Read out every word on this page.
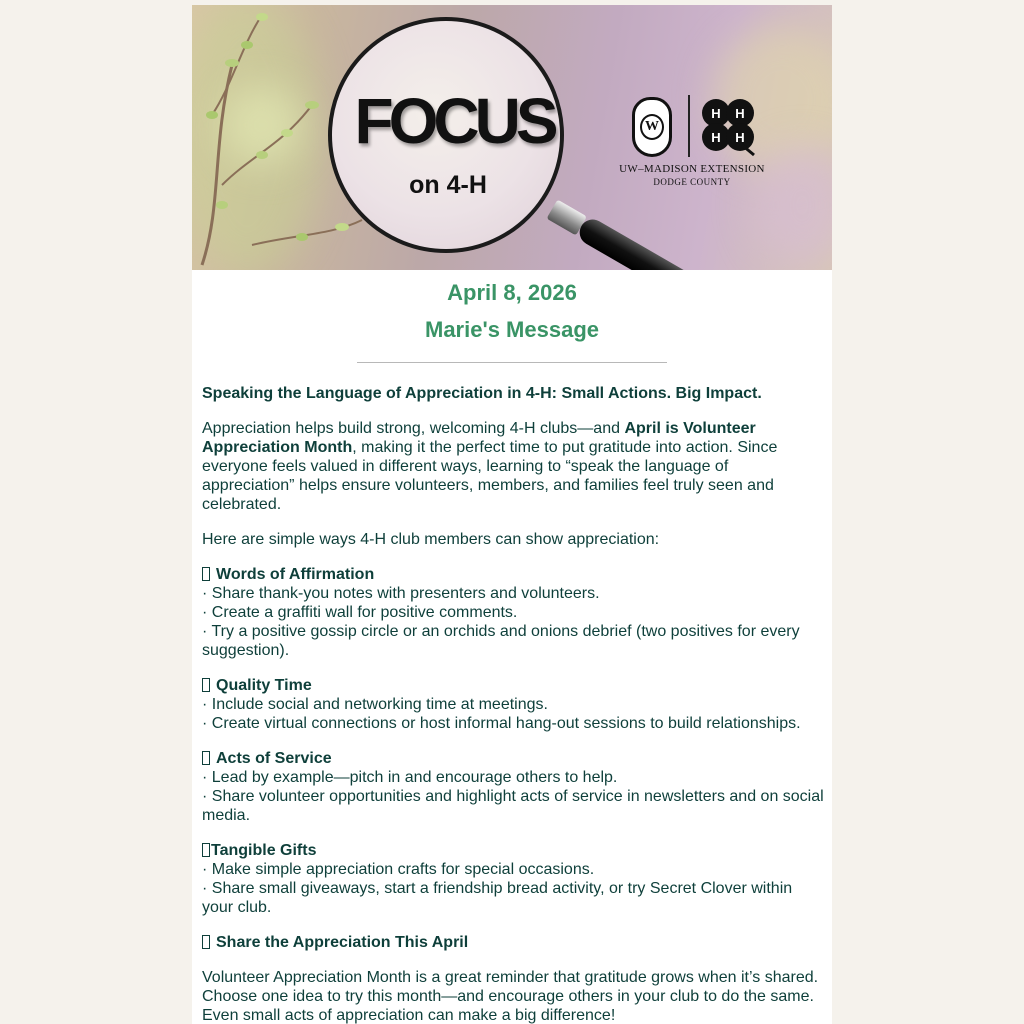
FOCUS
on 4-H
W
H H
H H
UW–MADISON EXTENSION
DODGE COUNTY
April 8, 2026
Marie's Message

Speaking the Language of Appreciation in 4-H: Small Actions. Big Impact.

Appreciation helps build strong, welcoming 4-H clubs—and April is Volunteer Appreciation Month, making it the perfect time to put gratitude into action. Since everyone feels valued in different ways, learning to “speak the language of appreciation” helps ensure volunteers, members, and families feel truly seen and celebrated.

Here are simple ways 4-H club members can show appreciation:

Words of Affirmation
· Share thank-you notes with presenters and volunteers.
· Create a graffiti wall for positive comments.
· Try a positive gossip circle or an orchids and onions debrief (two positives for every suggestion).

Quality Time
· Include social and networking time at meetings.
· Create virtual connections or host informal hang-out sessions to build relationships.

Acts of Service
· Lead by example—pitch in and encourage others to help.
· Share volunteer opportunities and highlight acts of service in newsletters and on social media.

Tangible Gifts
· Make simple appreciation crafts for special occasions.
· Share small giveaways, start a friendship bread activity, or try Secret Clover within your club.

Share the Appreciation This April

Volunteer Appreciation Month is a great reminder that gratitude grows when it’s shared. Choose one idea to try this month—and encourage others in your club to do the same. Even small acts of appreciation can make a big difference!
